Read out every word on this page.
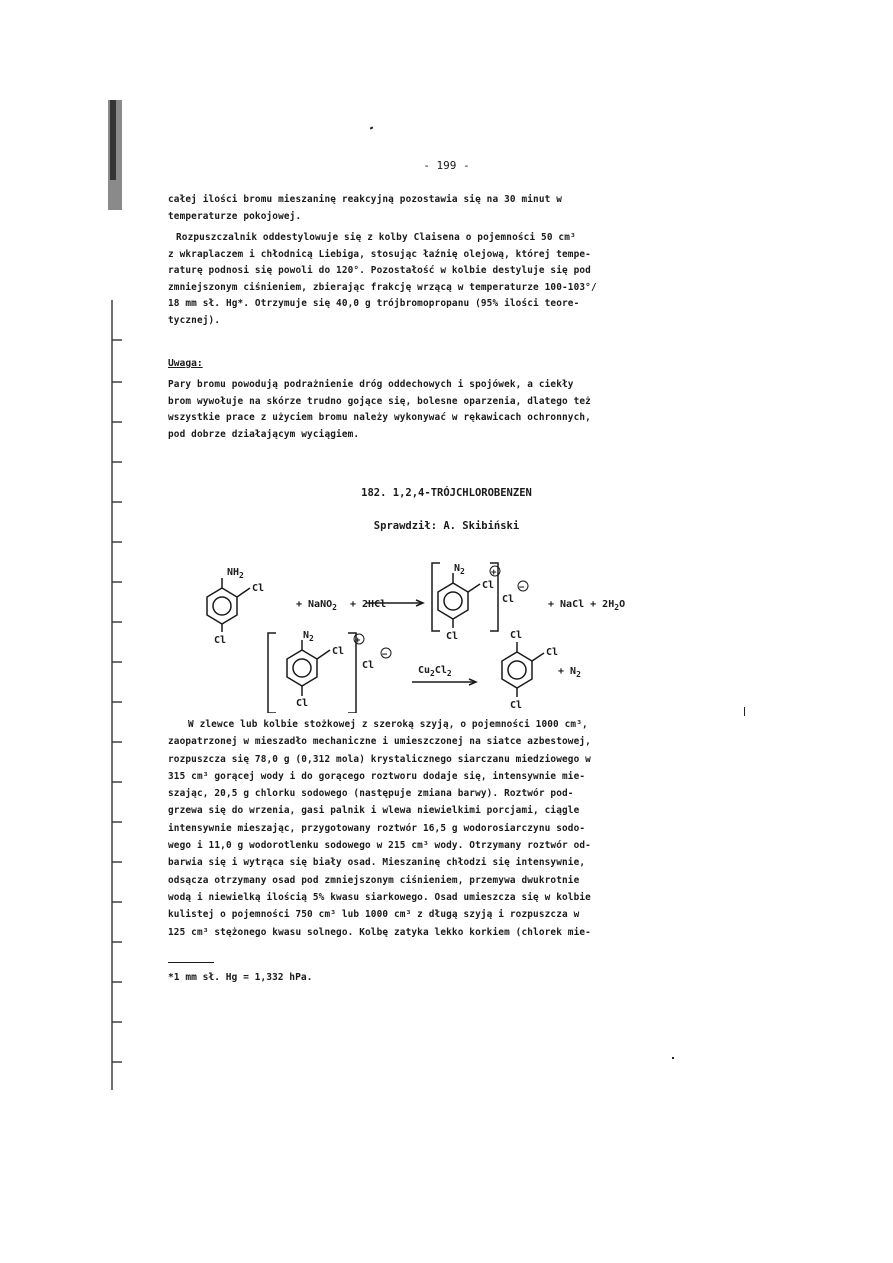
- 199 -
całej ilości bromu mieszaninę reakcyjną pozostawia się na 30 minut w
temperaturze pokojowej.
Rozpuszczalnik oddestylowuje się z kolby Claisena o pojemności 50 cm³
z wkraplaczem i chłodnicą Liebiga, stosując łaźnię olejową, której tempe-
raturę podnosi się powoli do 120°. Pozostałość w kolbie destyluje się pod
zmniejszonym ciśnieniem, zbierając frakcję wrzącą w temperaturze 100-103°/
18 mm sł. Hg*. Otrzymuje się 40,0 g trójbromopropanu (95% ilości teore-
tycznej).
Uwaga:
Pary bromu powodują podrażnienie dróg oddechowych i spojówek, a ciekły
brom wywołuje na skórze trudno gojące się, bolesne oparzenia, dlatego też
wszystkie prace z użyciem bromu należy wykonywać w rękawicach ochronnych,
pod dobrze działającym wyciągiem.
182. 1,2,4-TRÓJCHLOROBENZEN
Sprawdził: A. Skibiński
$NH_2$
Cl
Cl
+ NaNO$_2$ + 2HCl
$N_2$
Cl
Cl
+
Cl
−
+ NaCl + $2H_2O$
$N_2$
Cl
Cl
+
Cl
−
$Cu_2Cl_2$
Cl
Cl
Cl
+ $N_2$
W zlewce lub kolbie stożkowej z szeroką szyją, o pojemności 1000 cm³,
zaopatrzonej w mieszadło mechaniczne i umieszczonej na siatce azbestowej,
rozpuszcza się 78,0 g (0,312 mola) krystalicznego siarczanu miedziowego w
315 cm³ gorącej wody i do gorącego roztworu dodaje się, intensywnie mie-
szając, 20,5 g chlorku sodowego (następuje zmiana barwy). Roztwór pod-
grzewa się do wrzenia, gasi palnik i wlewa niewielkimi porcjami, ciągle
intensywnie mieszając, przygotowany roztwór 16,5 g wodorosiarczynu sodo-
wego i 11,0 g wodorotlenku sodowego w 215 cm³ wody. Otrzymany roztwór od-
barwia się i wytrąca się biały osad. Mieszaninę chłodzi się intensywnie,
odsącza otrzymany osad pod zmniejszonym ciśnieniem, przemywa dwukrotnie
wodą i niewielką ilością 5% kwasu siarkowego. Osad umieszcza się w kolbie
kulistej o pojemności 750 cm³ lub 1000 cm³ z długą szyją i rozpuszcza w
125 cm³ stężonego kwasu solnego. Kolbę zatyka lekko korkiem (chlorek mie-
*1 mm sł. Hg = 1,332 hPa.
